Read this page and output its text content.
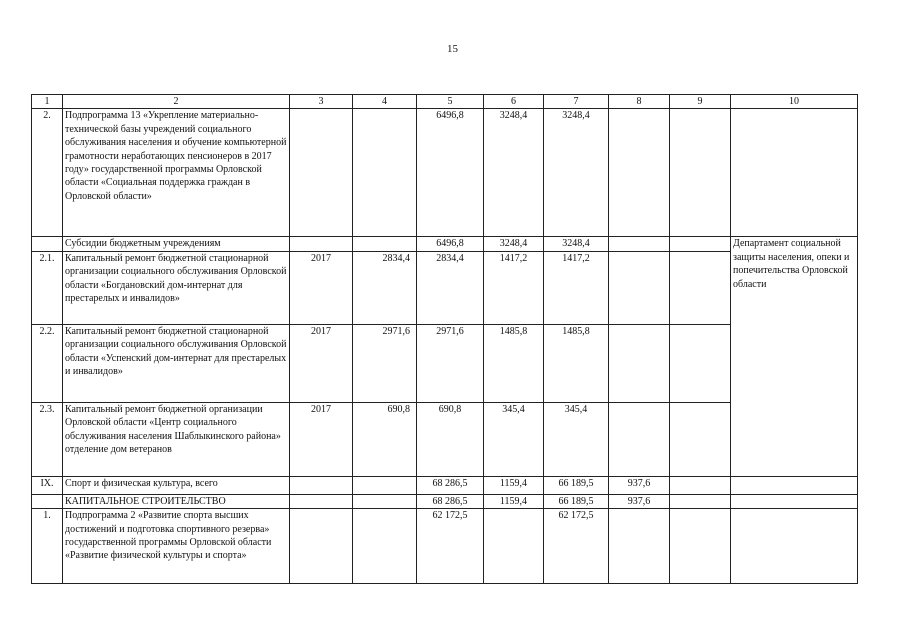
15
1	2	3	4	5	6	7	8	9	10
2.	Подпрограмма 13 «Укрепление материально-технической базы учреждений социального обслуживания населения и обучение компьютерной грамотности неработающих пенсионеров в 2017 году» государственной программы Орловской области «Социальная поддержка граждан в Орловской области»			6496,8	3248,4	3248,4			
	Субсидии бюджетным учреждениям			6496,8	3248,4	3248,4			Департамент социальной защиты населения, опеки и попечительства Орловской области
2.1.	Капитальный ремонт бюджетной стационарной организации социального обслуживания Орловской области «Богдановский дом-интернат для престарелых и инвалидов»	2017	2834,4	2834,4	1417,2	1417,2			
2.2.	Капитальный ремонт бюджетной стационарной организации социального обслуживания Орловской области «Успенский дом-интернат для престарелых и инвалидов»	2017	2971,6	2971,6	1485,8	1485,8			
2.3.	Капитальный ремонт бюджетной организации Орловской области «Центр социального обслуживания населения Шаблыкинского района» отделение дом ветеранов	2017	690,8	690,8	345,4	345,4			
IX.	Спорт и физическая культура, всего			68 286,5	1159,4	66 189,5	937,6		
	КАПИТАЛЬНОЕ СТРОИТЕЛЬСТВО			68 286,5	1159,4	66 189,5	937,6		
1.	Подпрограмма 2 «Развитие спорта высших достижений и подготовка спортивного резерва» государственной программы Орловской области «Развитие физической культуры и спорта»			62 172,5		62 172,5			
